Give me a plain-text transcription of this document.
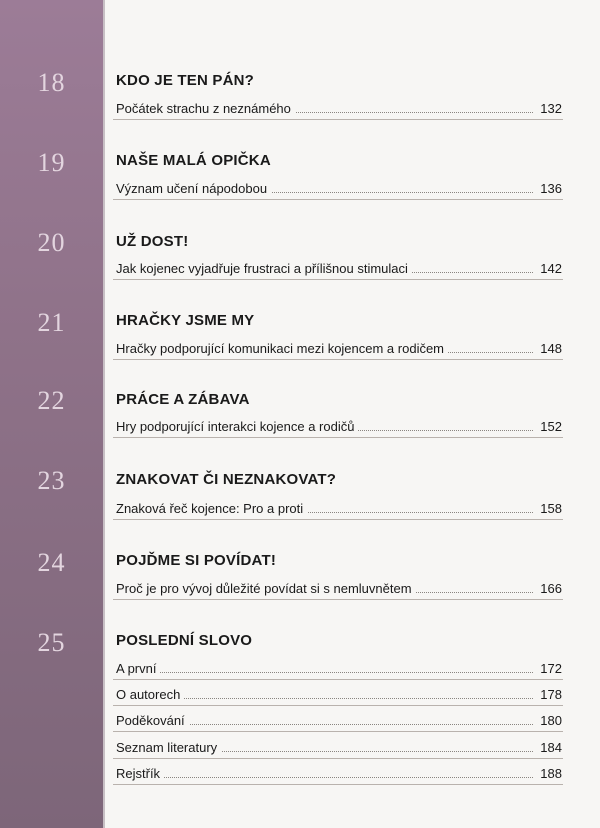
18	KDO JE TEN PÁN?
Počátek strachu z neznámého	132
19	NAŠE MALÁ OPIČKA
Význam učení nápodobou	136
20	UŽ DOST!
Jak kojenec vyjadřuje frustraci a přílišnou stimulaci	142
21	HRAČKY JSME MY
Hračky podporující komunikaci mezi kojencem a rodičem	148
22	PRÁCE A ZÁBAVA
Hry podporující interakci kojence a rodičů	152
23	ZNAKOVAT ČI NEZNAKOVAT?
Znaková řeč kojence: Pro a proti	158
24	POJĎME SI POVÍDAT!
Proč je pro vývoj důležité povídat si s nemluvnětem	166
25	POSLEDNÍ SLOVO
A první	172
O autorech	178
Poděkování	180
Seznam literatury	184
Rejstřík	188
